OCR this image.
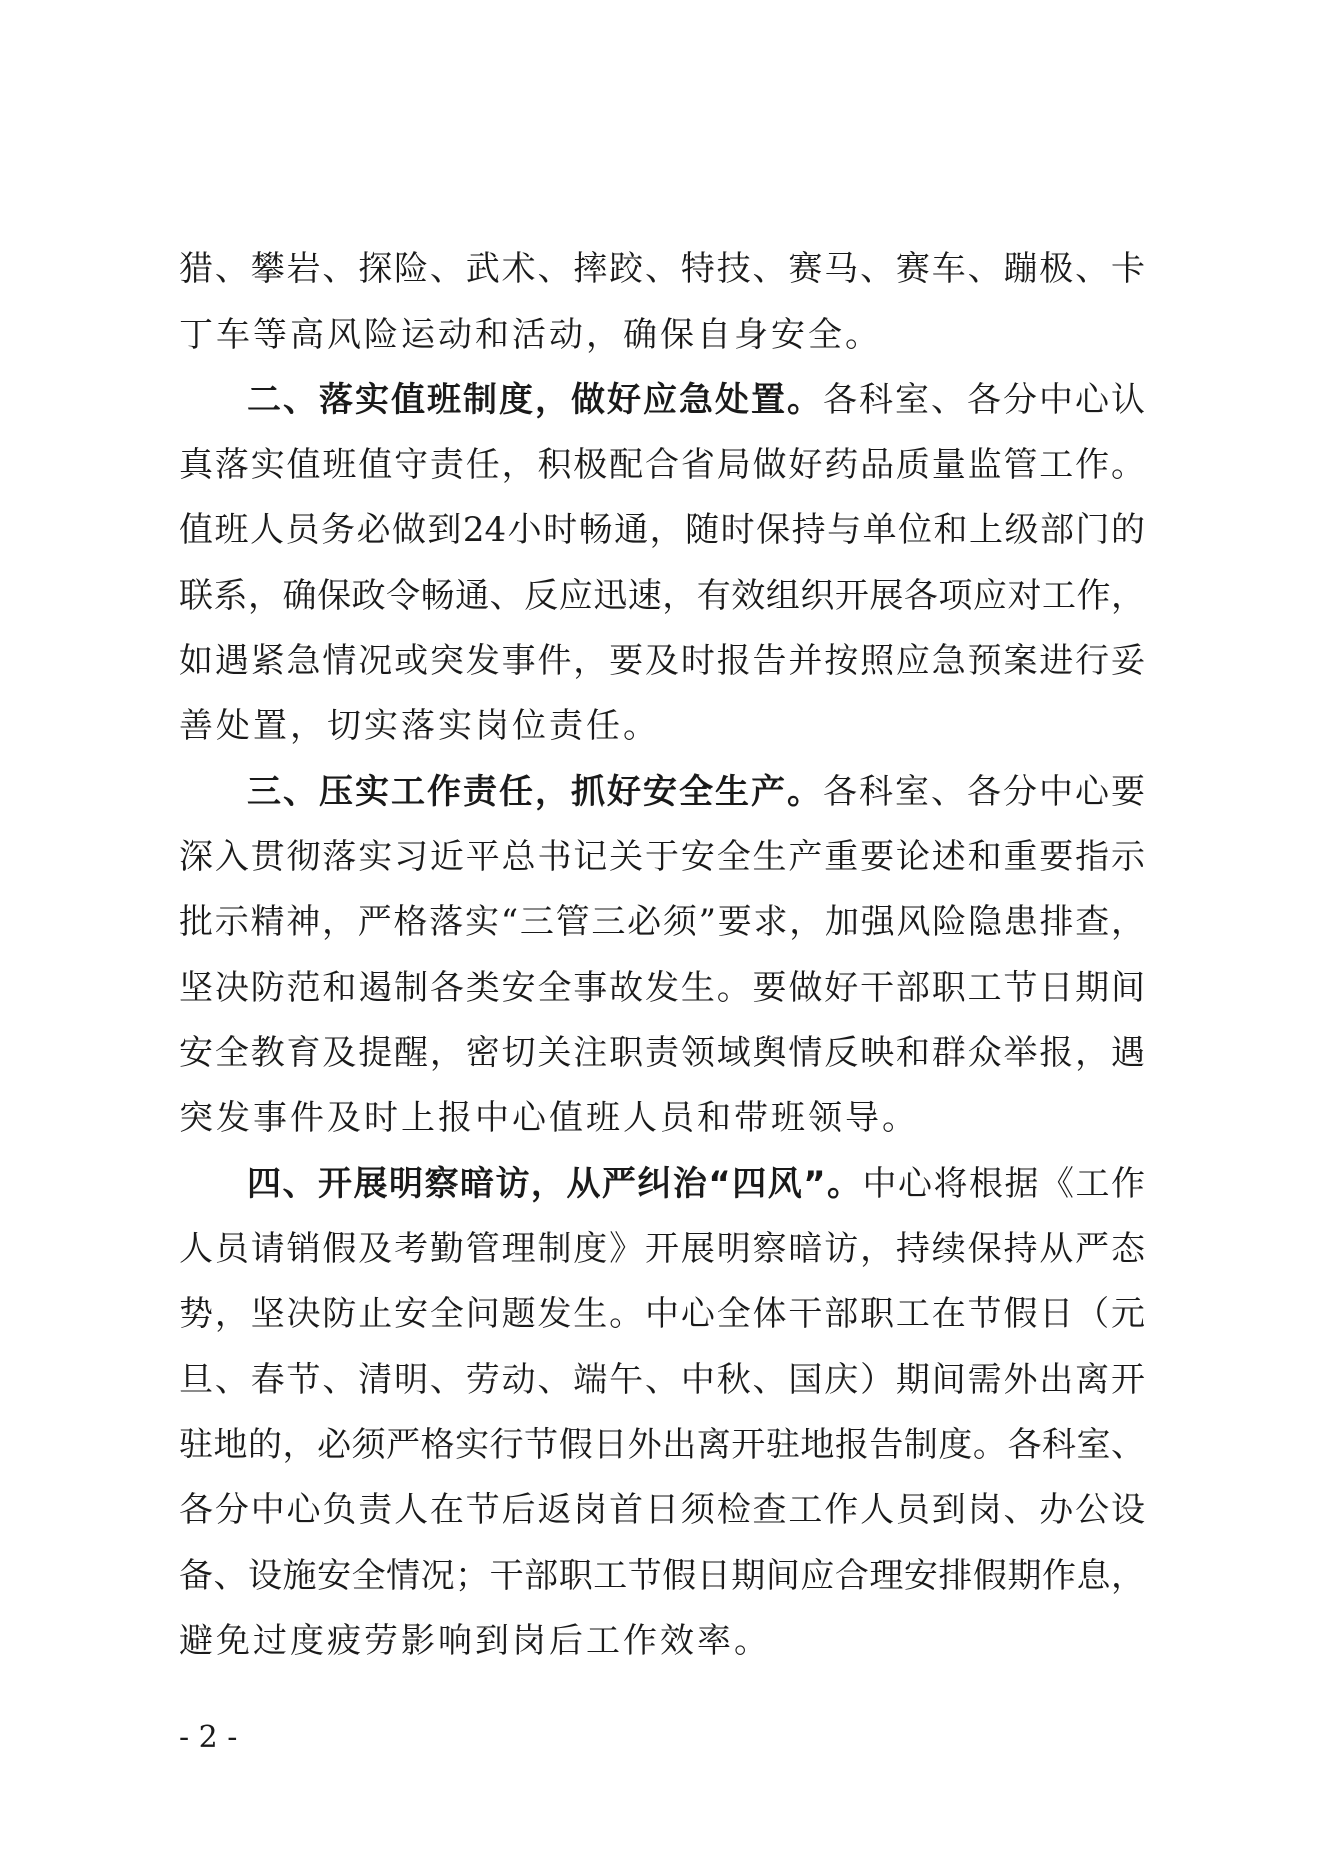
猎、攀岩、探险、武术、摔跤、特技、赛马、赛车、蹦极、卡
丁车等高风险运动和活动，确保自身安全。
二、落实值班制度，做好应急处置。各科室、各分中心认
真落实值班值守责任，积极配合省局做好药品质量监管工作。
值班人员务必做到24小时畅通，随时保持与单位和上级部门的
联系，确保政令畅通、反应迅速，有效组织开展各项应对工作，
如遇紧急情况或突发事件，要及时报告并按照应急预案进行妥
善处置，切实落实岗位责任。
三、压实工作责任，抓好安全生产。各科室、各分中心要
深入贯彻落实习近平总书记关于安全生产重要论述和重要指示
批示精神，严格落实“三管三必须”要求，加强风险隐患排查，
坚决防范和遏制各类安全事故发生。要做好干部职工节日期间
安全教育及提醒，密切关注职责领域舆情反映和群众举报，遇
突发事件及时上报中心值班人员和带班领导。
四、开展明察暗访，从严纠治“四风”。中心将根据《工作
人员请销假及考勤管理制度》开展明察暗访，持续保持从严态
势，坚决防止安全问题发生。中心全体干部职工在节假日（元
旦、春节、清明、劳动、端午、中秋、国庆）期间需外出离开
驻地的，必须严格实行节假日外出离开驻地报告制度。各科室、
各分中心负责人在节后返岗首日须检查工作人员到岗、办公设
备、设施安全情况；干部职工节假日期间应合理安排假期作息，
避免过度疲劳影响到岗后工作效率。
- 2 -
